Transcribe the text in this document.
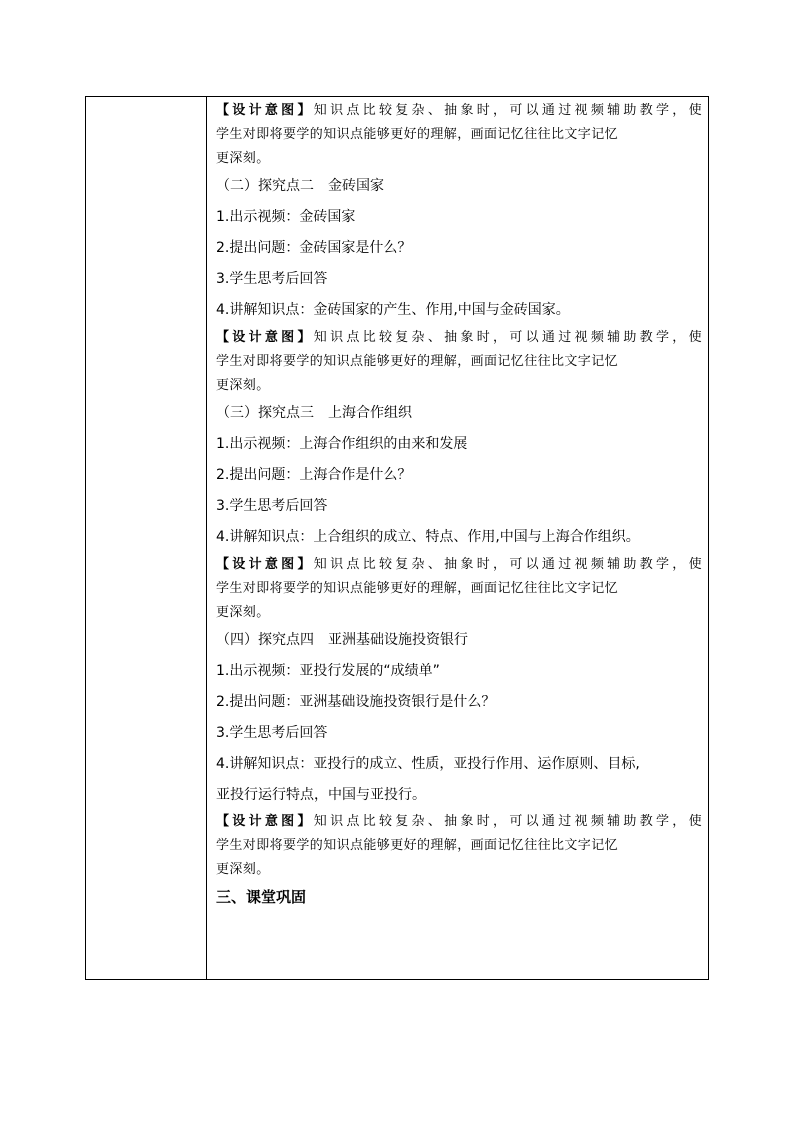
【设计意图】知识点比较复杂、抽象时，可以通过视频辅助教学，使
学生对即将要学的知识点能够更好的理解，画面记忆往往比文字记忆
更深刻。
（二）探究点二　金砖国家
1.出示视频：金砖国家
2.提出问题：金砖国家是什么？
3.学生思考后回答
4.讲解知识点：金砖国家的产生、作用,中国与金砖国家。
【设计意图】知识点比较复杂、抽象时，可以通过视频辅助教学，使
学生对即将要学的知识点能够更好的理解，画面记忆往往比文字记忆
更深刻。
（三）探究点三　上海合作组织
1.出示视频：上海合作组织的由来和发展
2.提出问题：上海合作是什么？
3.学生思考后回答
4.讲解知识点：上合组织的成立、特点、作用,中国与上海合作组织。
【设计意图】知识点比较复杂、抽象时，可以通过视频辅助教学，使
学生对即将要学的知识点能够更好的理解，画面记忆往往比文字记忆
更深刻。
（四）探究点四　亚洲基础设施投资银行
1.出示视频：亚投行发展的“成绩单”
2.提出问题：亚洲基础设施投资银行是什么？
3.学生思考后回答
4.讲解知识点：亚投行的成立、性质，亚投行作用、运作原则、目标,
亚投行运行特点，中国与亚投行。
【设计意图】知识点比较复杂、抽象时，可以通过视频辅助教学，使
学生对即将要学的知识点能够更好的理解，画面记忆往往比文字记忆
更深刻。
三、课堂巩固
